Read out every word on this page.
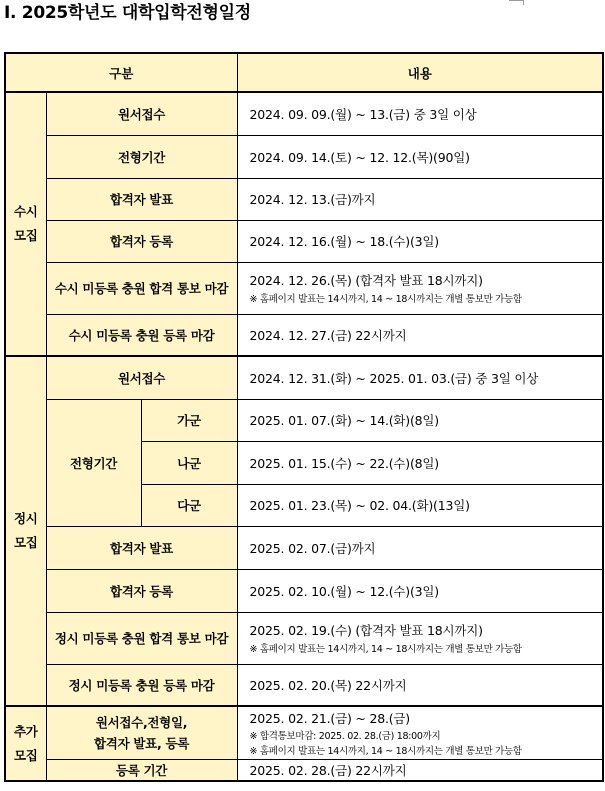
I. 2025학년도 대학입학전형일정
구분			내용
수시
모집	원서접수		2024. 09. 09.(월) ~ 13.(금) 중 3일 이상
	전형기간		2024. 09. 14.(토) ~ 12. 12.(목)(90일)
	합격자 발표		2024. 12. 13.(금)까지
	합격자 등록		2024. 12. 16.(월) ~ 18.(수)(3일)
	수시 미등록 충원 합격 통보 마감		2024. 12. 26.(목) (합격자 발표 18시까지)
※ 홈페이지 발표는 14시까지, 14 ~ 18시까지는 개별 통보만 가능함

	수시 미등록 충원 등록 마감		2024. 12. 27.(금) 22시까지
정시
모집	원서접수		2024. 12. 31.(화) ~ 2025. 01. 03.(금) 중 3일 이상
	전형기간	가군	2025. 01. 07.(화) ~ 14.(화)(8일)
		나군	2025. 01. 15.(수) ~ 22.(수)(8일)
		다군	2025. 01. 23.(목) ~ 02. 04.(화)(13일)
	합격자 발표		2025. 02. 07.(금)까지
	합격자 등록		2025. 02. 10.(월) ~ 12.(수)(3일)
	정시 미등록 충원 합격 통보 마감		2025. 02. 19.(수) (합격자 발표 18시까지)
※ 홈페이지 발표는 14시까지, 14 ~ 18시까지는 개별 통보만 가능함

	정시 미등록 충원 등록 마감		2025. 02. 20.(목) 22시까지

추가
모집	원서접수,전형일,
합격자 발표, 등록		2025. 02. 21.(금) ~ 28.(금)
※ 합격통보마감: 2025. 02. 28.(금) 18:00까지
※ 홈페이지 발표는 14시까지, 14 ~ 18시까지는 개별 통보만 가능함

	등록 기간		2025. 02. 28.(금) 22시까지
